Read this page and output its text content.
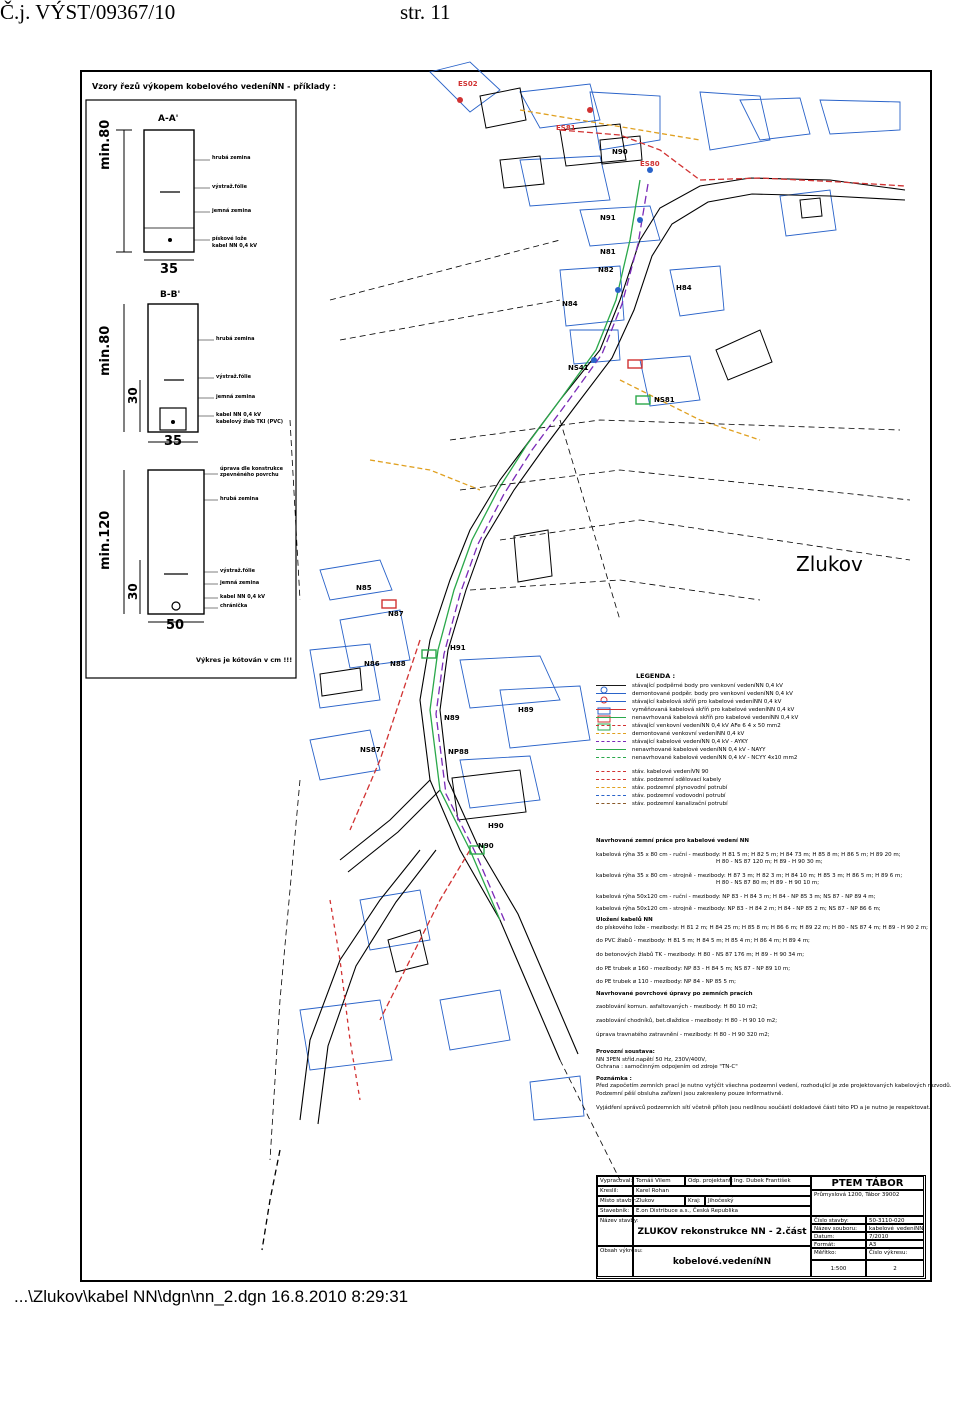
Č.j. VÝST/09367/10	str. 11
Vzory řezů výkopem kobelového vedeníNN - příklady :
A-A'
min.80
35
hrubá zemina
výstraž.fólie
jemná zemina
pískové lože
kabel NN 0,4 kV
B-B'
min.80
30
35
hrubá zemina
výstraž.fólie
jemná zemina
kabel NN 0,4 kV
kabelový žlab TKI (PVC)
min.120
30
50
úprava dle konstrukce zpevněného povrchu
hrubá zemina
výstraž.fólie
jemná zemina
kabel NN 0,4 kV
chránička
Výkres je kótován v cm !!!
Zlukov
ES02
ES81
ES80
N90
N91
N81
N82
N84
NS41
NS81
NS87
N85
N86 N88
N89
N87
NP88
H90
N90
H91
H84
H89
LEGENDA :
stávající podpěrné body pro venkovní vedeníNN 0,4 kV
demontované podpěr. body pro venkovní vedeníNN 0,4 kV
stávající kabelová skříň pro kabelové vedeníNN 0,4 kV
vyměňovaná kabelová skříň pro kabelové vedeníNN 0,4 kV
nenavrhovaná kabelová skříň pro kabelové vedeníNN 0,4 kV
stávající venkovní vedeníNN 0,4 kV AFe 6 4 x 50 mm2
demontované venkovní vedeníNN 0,4 kV
stávající kabelové vedeníNN 0,4 kV - AYKY
nenavrhované kabelové vedeníNN 0,4 kV - NAYY
nenavrhované kabelové vedeníNN 0,4 kV - NCYY 4x10 mm2
stáv. kabelové vedeníVN 90
stáv. podzemní sdělovací kabely
stáv. podzemní plynovodní potrubí
stáv. podzemní vodovodní potrubí
stáv. podzemní kanalizační potrubí
Navrhované zemní práce pro kabelové vedení NN
kabelová rýha 35 x 80 cm - ruční - mezibody: H 81 5 m; H 82 5 m; H 84 73 m; H 85 8 m; H 86 5 m; H 89 20 m;
H 80 - NS 87 120 m; H 89 - H 90 30 m;
kabelová rýha 35 x 80 cm - strojně - mezibody: H 87 3 m; H 82 3 m; H 84 10 m; H 85 3 m; H 86 5 m; H 89 6 m;
H 80 - NS 87 80 m; H 89 - H 90 10 m;
kabelová rýha 50x120 cm - ruční - mezibody: NP 83 - H 84 3 m; H 84 - NP 85 3 m; NS 87 - NP 89 4 m;
kabelová rýha 50x120 cm - strojně - mezibody: NP 83 - H 84 2 m; H 84 - NP 85 2 m; NS 87 - NP 86 6 m;
Uložení kabelů NN
do pískového lože - mezibody: H 81 2 m; H 84 25 m; H 85 8 m; H 86 6 m; H 89 22 m; H 80 - NS 87 4 m; H 89 - H 90 2 m;
do PVC žlabů - mezibody: H 81 5 m; H 84 5 m; H 85 4 m; H 86 4 m; H 89 4 m;
do betonových žlabů TK - mezibody: H 80 - NS 87 176 m; H 89 - H 90 34 m;
do PE trubek ø 160 - mezibody: NP 83 - H 84 5 m; NS 87 - NP 89 10 m;
do PE trubek ø 110 - mezibody: NP 84 - NP 85 5 m;
Navrhované povrchové úpravy po zemních pracích
zaoblování komun. asfaltovaných - mezibody: H 80 10 m2;
zaoblování chodníků, bet.dlaždice - mezibody: H 80 - H 90 10 m2;
úprava travnatého zatravnění - mezibody: H 80 - H 90 320 m2;
Provozní soustava:
NN 3PEN stříd.napětí 50 Hz, 230V/400V,
Ochrana : samočinným odpojením od zdroje "TN-C"
Poznámka :
Před započetím zemních prací je nutno vytýčit všechna podzemní vedení, rozhodující je zde projektovaných kabelových rozvodů.
Podzemní pěší obsluha zařízení jsou zakresleny pouze informativně.
Vyjádření správců podzemních sítí včetně příloh jsou nedílnou součástí dokladové části této PD a je nutno je respektovat.
Vypracoval: Tomáš Vilem	Odp. projektant: Ing. Dubek František
Kreslil:	Karel Rohan
Místo stavby: Zlukov	Kraj:	Jihočeský
Stavebník:	E.on Distribuce a.s., Česká Republika
Název stavby:
ZLUKOV rekonstrukce NN - 2.část
Obsah výkresu:
kobelové.vedeníNN
PTEM TÁBOR
Průmyslová 1200, Tábor 39002
Číslo stavby:	50-3110-020
Název souboru:	kabelové_vedeníNN
Datum:	7/2010
Formát:	A3
Měřítko:	Číslo výkresu:
1:500	2
...\Zlukov\kabel NN\dgn\nn_2.dgn 16.8.2010 8:29:31
